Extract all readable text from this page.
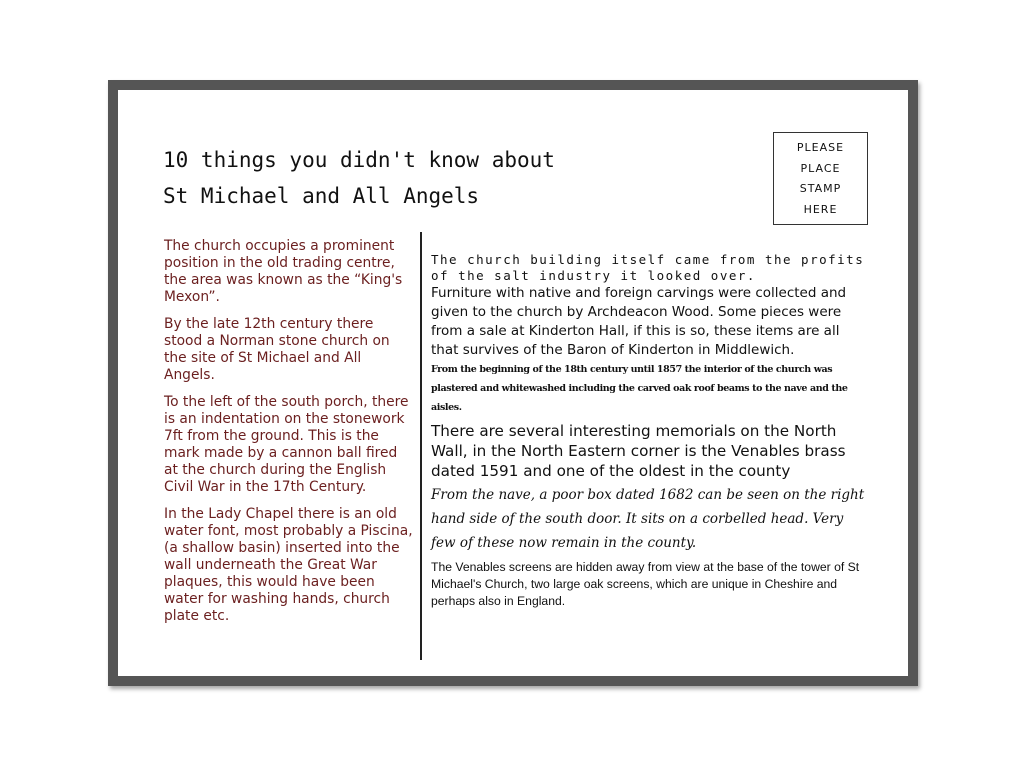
10 things you didn't know about
St Michael and All Angels
PLEASE
PLACE
STAMP
HERE

The church occupies a prominent position in the old trading centre, the area was known as the “King's Mexon”.

By the late 12th century there stood a Norman stone church on the site of St Michael and All Angels.

To the left of the south porch, there is an indentation on the stonework 7ft from the ground. This is the mark made by a cannon ball fired at the church during the English Civil War in the 17th Century.

In the Lady Chapel there is an old water font, most probably a Piscina, (a shallow basin) inserted into the wall underneath the Great War plaques, this would have been water for washing hands, church plate etc.

The church building itself came from the profits of the salt industry it looked over.

Furniture with native and foreign carvings were collected and given to the church by Archdeacon Wood. Some pieces were from a sale at Kinderton Hall, if this is so, these items are all that survives of the Baron of Kinderton in Middlewich.

From the beginning of the 18th century until 1857 the interior of the church was plastered and whitewashed including the carved oak roof beams to the nave and the aisles.

There are several interesting memorials on the North Wall, in the North Eastern corner is the Venables brass dated 1591 and one of the oldest in the county

From the nave, a poor box dated 1682 can be seen on the right hand side of the south door. It sits on a corbelled head. Very few of these now remain in the county.

The Venables screens are hidden away from view at the base of the tower of St Michael's Church, two large oak screens, which are unique in Cheshire and perhaps also in England.
